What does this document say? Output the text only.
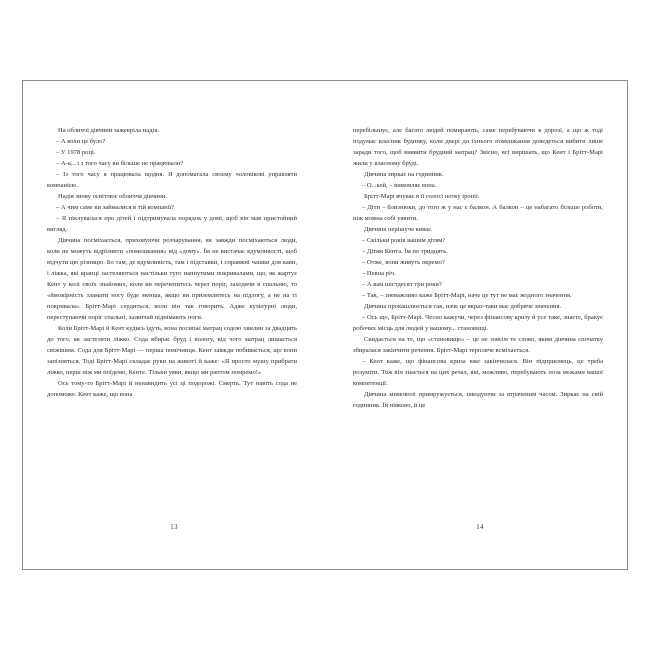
На обличчі дівчини зажевріла надія.

– А коли це було?

– У 1978 році.

– А-а... і з того часу ви більше не працювали?

– Із того часу я працювала щодня. Я допомагала своєму чоловікові управляти компанією.

Надія знову освітлює обличчя дівчини.

– А чим саме ви займалися в тій компанії?

– Я піклувалася про дітей і підтримувала порядок у домі, щоб він мав пристойний вигляд.

Дівчина посміхається, приховуючи розчарування, як завжди посміхаються люди, коли не можуть відрізнити «помешкання» від «дому». Їм не вистачає вдумливості, щоб відчути цю різницю. Бо там, де вдумливість, там і підставки, і справжні чашки для кави, і ліжка, які вранці застеляються настільки туго напнутими покривалами, що, як жартує Кент у колі своїх знайомих, коли ви перечепитесь через поріг, заходячи в спальню, то «ймовірність зламати ногу буде менша, якщо ви приземлитесь на підлогу, а не на ті покривала». Брітт-Марі сердиться, коли він так говорить. Адже культурні люди, переступаючи поріг спальні, зазвичай піднімають ноги.

Коли Брітт-Марі й Кент кудись їдуть, вона посипає матрац содою хвилин за двадцять до того, як застеляти ліжко. Сода вбирає бруд і вологу, від чого матрац лишається свіжішим. Сода для Брітт-Марі — перша помічниця. Кент завжди побивається, що вони запізняться. Тоді Брітт-Марі складає руки на животі й каже: «Я просто мушу прибрати ліжко, перш ніж ми поїдемо, Кенте. Тільки уяви, якщо ми раптом помремо!»

Ось тому-то Брітт-Марі й ненавидить усі ці подорожі. Смерть. Тут навіть сода не допоможе. Кент каже, що вона

13

перебільшує, але багато людей помирають, саме перебуваючи в дорозі, а що ж тоді подумає власник будинку, коли двері до їхнього помешкання доведеться вибити лише заради того, щоб виявити брудний матрац? Звісно, всі вирішать, що Кент і Брітт-Марі жили у власному бруді.

Дівчина зиркає на годинник.

– О...кей, – вимовляє вона.

Брітт-Марі вчуває в її голосі нотку іронії.

– Діти – близнюки, до того ж у нас є балкон. А балкон – це набагато більше роботи, ніж можна собі уявити.

Дівчина нерішуче киває.

– Скільки років вашим дітям?

– Дітям Кента. Їм по тридцять.

– Отже, вони живуть окремо?

– Певна річ.

– А вам шістдесят три роки?

– Так, – зневажливо каже Брітт-Марі, наче це тут не має жодного значення.

Дівчина прокашлюється так, наче це якраз-таки має добряче значення.

– Ось що, Брітт-Марі. Чесно кажучи, через фінансову кризу й усе таке, знаєте, бракує робочих місць для людей у вашому... становищі.

Скидається на те, що «становище» – це не зовсім те слово, яким дівчина спочатку збиралася закінчити речення. Брітт-Марі терпляче всміхається.

– Кент каже, що фінансова криза вже закінчилася. Він підприємець, це треба розуміти. Тож він знається на цих речах, які, можливо, перебувають поза межами вашої компетенції.

Дівчина мимоволі примружується, шкодуючи за втраченим часом. Зиркає на свій годинник. Їй ніяково, й це

14
